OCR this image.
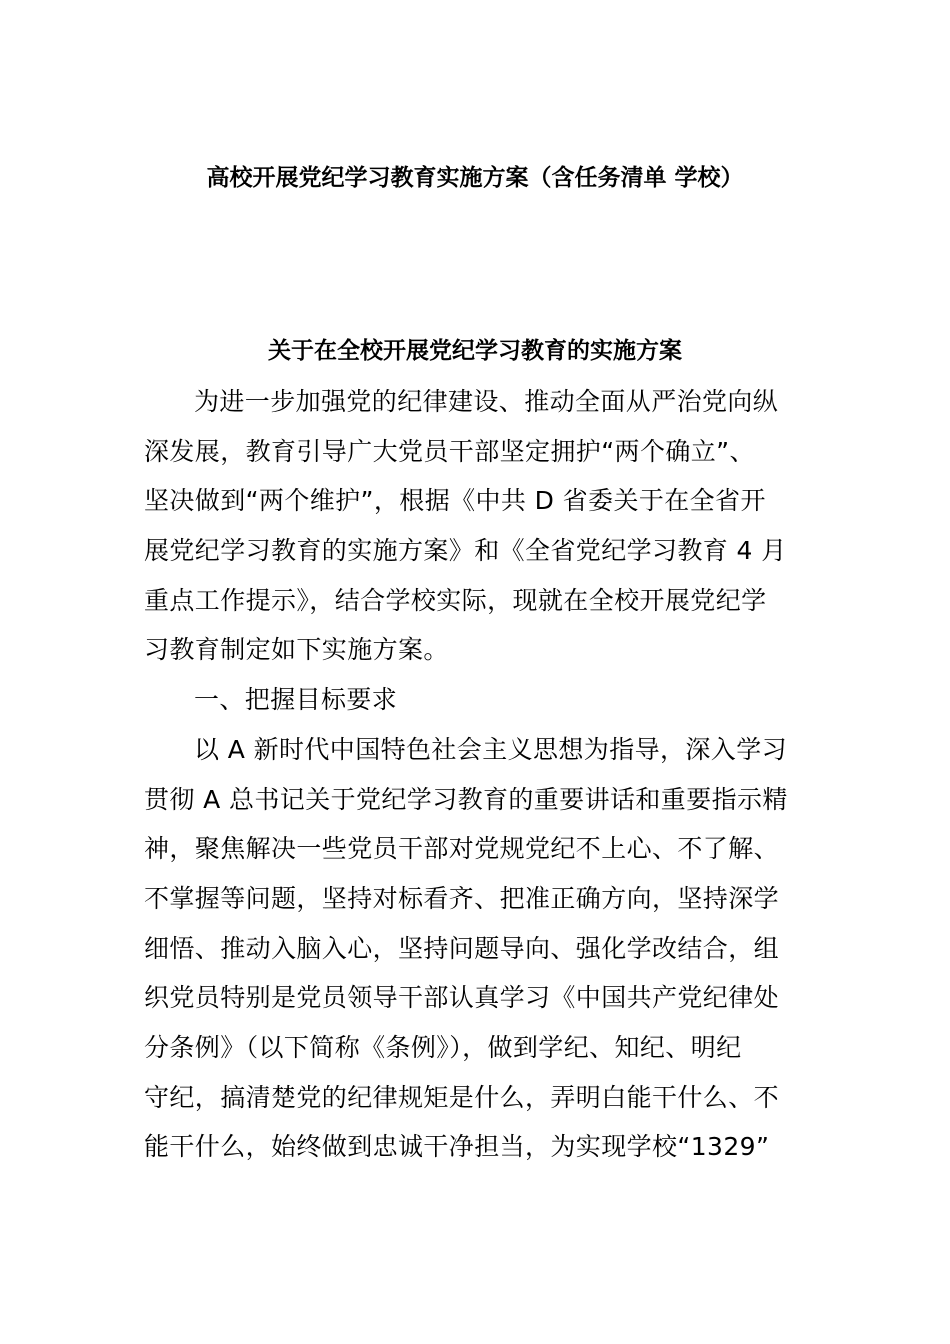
高校开展党纪学习教育实施方案（含任务清单 学校）
关于在全校开展党纪学习教育的实施方案
为进一步加强党的纪律建设、推动全面从严治党向纵
深发展，教育引导广大党员干部坚定拥护“两个确立”、
坚决做到“两个维护”，根据《中共 D 省委关于在全省开
展党纪学习教育的实施方案》和《全省党纪学习教育 4 月
重点工作提示》，结合学校实际，现就在全校开展党纪学
习教育制定如下实施方案。
一、把握目标要求
以 A 新时代中国特色社会主义思想为指导，深入学习
贯彻 A 总书记关于党纪学习教育的重要讲话和重要指示精
神，聚焦解决一些党员干部对党规党纪不上心、不了解、
不掌握等问题，坚持对标看齐、把准正确方向，坚持深学
细悟、推动入脑入心，坚持问题导向、强化学改结合，组
织党员特别是党员领导干部认真学习《中国共产党纪律处
分条例》（以下简称《条例》），做到学纪、知纪、明纪
守纪，搞清楚党的纪律规矩是什么，弄明白能干什么、不
能干什么，始终做到忠诚干净担当，为实现学校“1329”
